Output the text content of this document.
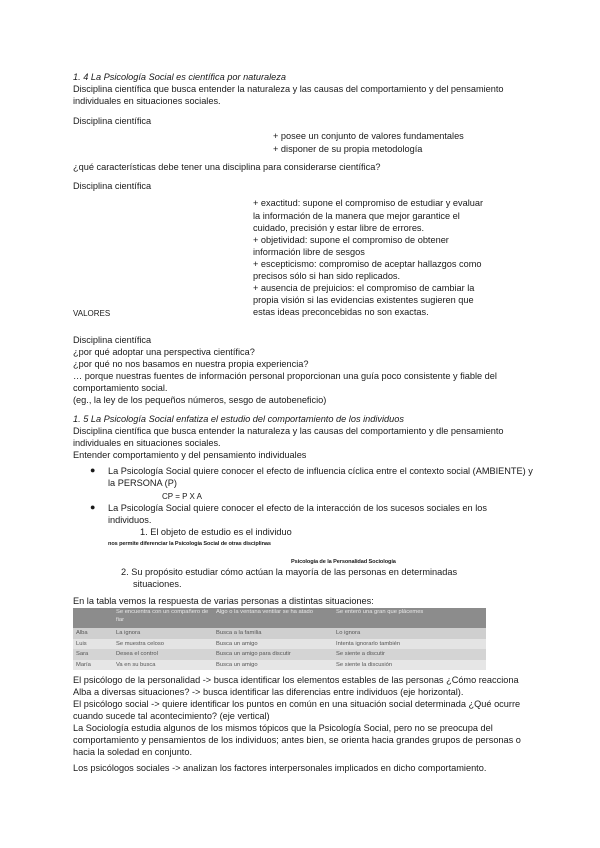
1. 4 La Psicología Social es científica por naturaleza
Disciplina científica que busca entender la naturaleza y las causas del comportamiento y del pensamiento
individuales en situaciones sociales.
Disciplina científica
+ posee un conjunto de valores fundamentales
+ disponer de su propia metodología
¿qué características debe tener una disciplina para considerarse científica?
Disciplina científica
+ exactitud: supone el compromiso de estudiar y evaluar
la información de la manera que mejor garantice el
cuidado, precisión y estar libre de errores.
+ objetividad: supone el compromiso de obtener
información libre de sesgos
+ escepticismo: compromiso de aceptar hallazgos como
precisos sólo si han sido replicados.
+ ausencia de prejuicios: el compromiso de cambiar la
propia visión si las evidencias existentes sugieren que
estas ideas preconcebidas no son exactas.
VALORES
Disciplina científica
¿por qué adoptar una perspectiva científica?
¿por qué no nos basamos en nuestra propia experiencia?
… porque nuestras fuentes de información personal proporcionan una guía poco consistente y fiable del
comportamiento social.
(eg., la ley de los pequeños números, sesgo de autobeneficio)
1. 5 La Psicología Social enfatiza el estudio del comportamiento de los individuos
Disciplina científica que busca entender la naturaleza y las causas del comportamiento y dle pensamiento
individuales en situaciones sociales.
Entender comportamiento y del pensamiento individuales
● La Psicología Social quiere conocer el efecto de influencia cíclica entre el contexto social (AMBIENTE) y
la PERSONA (P)
CP = P X A
● La Psicología Social quiere conocer el efecto de la interacción de los sucesos sociales en los
individuos.
1. El objeto de estudio es el individuo
nos permite diferenciar la Psicología Social de otras disciplinas
Psicología de la Personalidad Sociología
2. Su propósito estudiar cómo actúan la mayoría de las personas en determinadas
situaciones.
En la tabla vemos la respuesta de varias personas a distintas situaciones:
	Se encuentra con un compañero de fiar	Algo o la ventana ventilar se ha atado	Se enteró una gran que plácemes
Alba	La ignora	Busca a la familia	Lo ignora
Luis	Se muestra celoso	Busca un amigo	Intenta ignorarlo también
Sara	Desea el control	Busca un amigo para discutir	Se siente a discutir
María	Va en su busca	Busca un amigo	Se siente la discusión
El psicólogo de la personalidad -> busca identificar los elementos estables de las personas ¿Cómo reacciona
Alba a diversas situaciones? -> busca identificar las diferencias entre individuos (eje horizontal).
El psicólogo social -> quiere identificar los puntos en común en una situación social determinada ¿Qué ocurre
cuando sucede tal acontecimiento? (eje vertical)
La Sociología estudia algunos de los mismos tópicos que la Psicología Social, pero no se preocupa del
comportamiento y pensamientos de los individuos; antes bien, se orienta hacia grandes grupos de personas o
hacia la soledad en conjunto.
Los psicólogos sociales -> analizan los factores interpersonales implicados en dicho comportamiento.
